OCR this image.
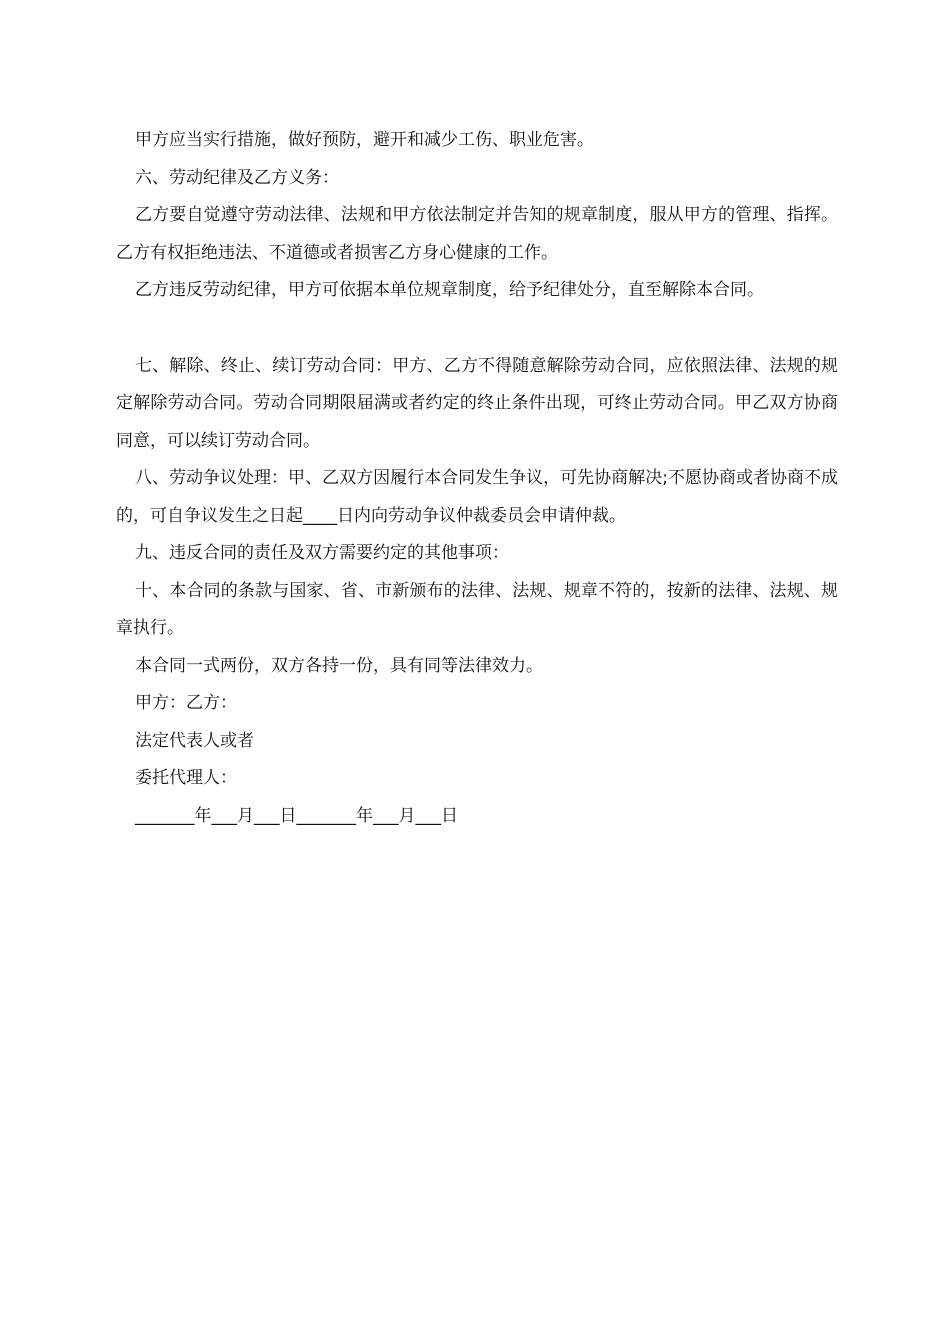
甲方应当实行措施，做好预防，避开和减少工伤、职业危害。

六、劳动纪律及乙方义务：

乙方要自觉遵守劳动法律、法规和甲方依法制定并告知的规章制度，服从甲方的管理、指挥。乙方有权拒绝违法、不道德或者损害乙方身心健康的工作。

乙方违反劳动纪律，甲方可依据本单位规章制度，给予纪律处分，直至解除本合同。

七、解除、终止、续订劳动合同：甲方、乙方不得随意解除劳动合同，应依照法律、法规的规定解除劳动合同。劳动合同期限届满或者约定的终止条件出现，可终止劳动合同。甲乙双方协商同意，可以续订劳动合同。

八、劳动争议处理：甲、乙双方因履行本合同发生争议，可先协商解决;不愿协商或者协商不成的，可自争议发生之日起____日内向劳动争议仲裁委员会申请仲裁。

九、违反合同的责任及双方需要约定的其他事项：

十、本合同的条款与国家、省、市新颁布的法律、法规、规章不符的，按新的法律、法规、规章执行。

本合同一式两份，双方各持一份，具有同等法律效力。

甲方：乙方：

法定代表人或者

委托代理人：

_______年___月___日_______年___月___日
